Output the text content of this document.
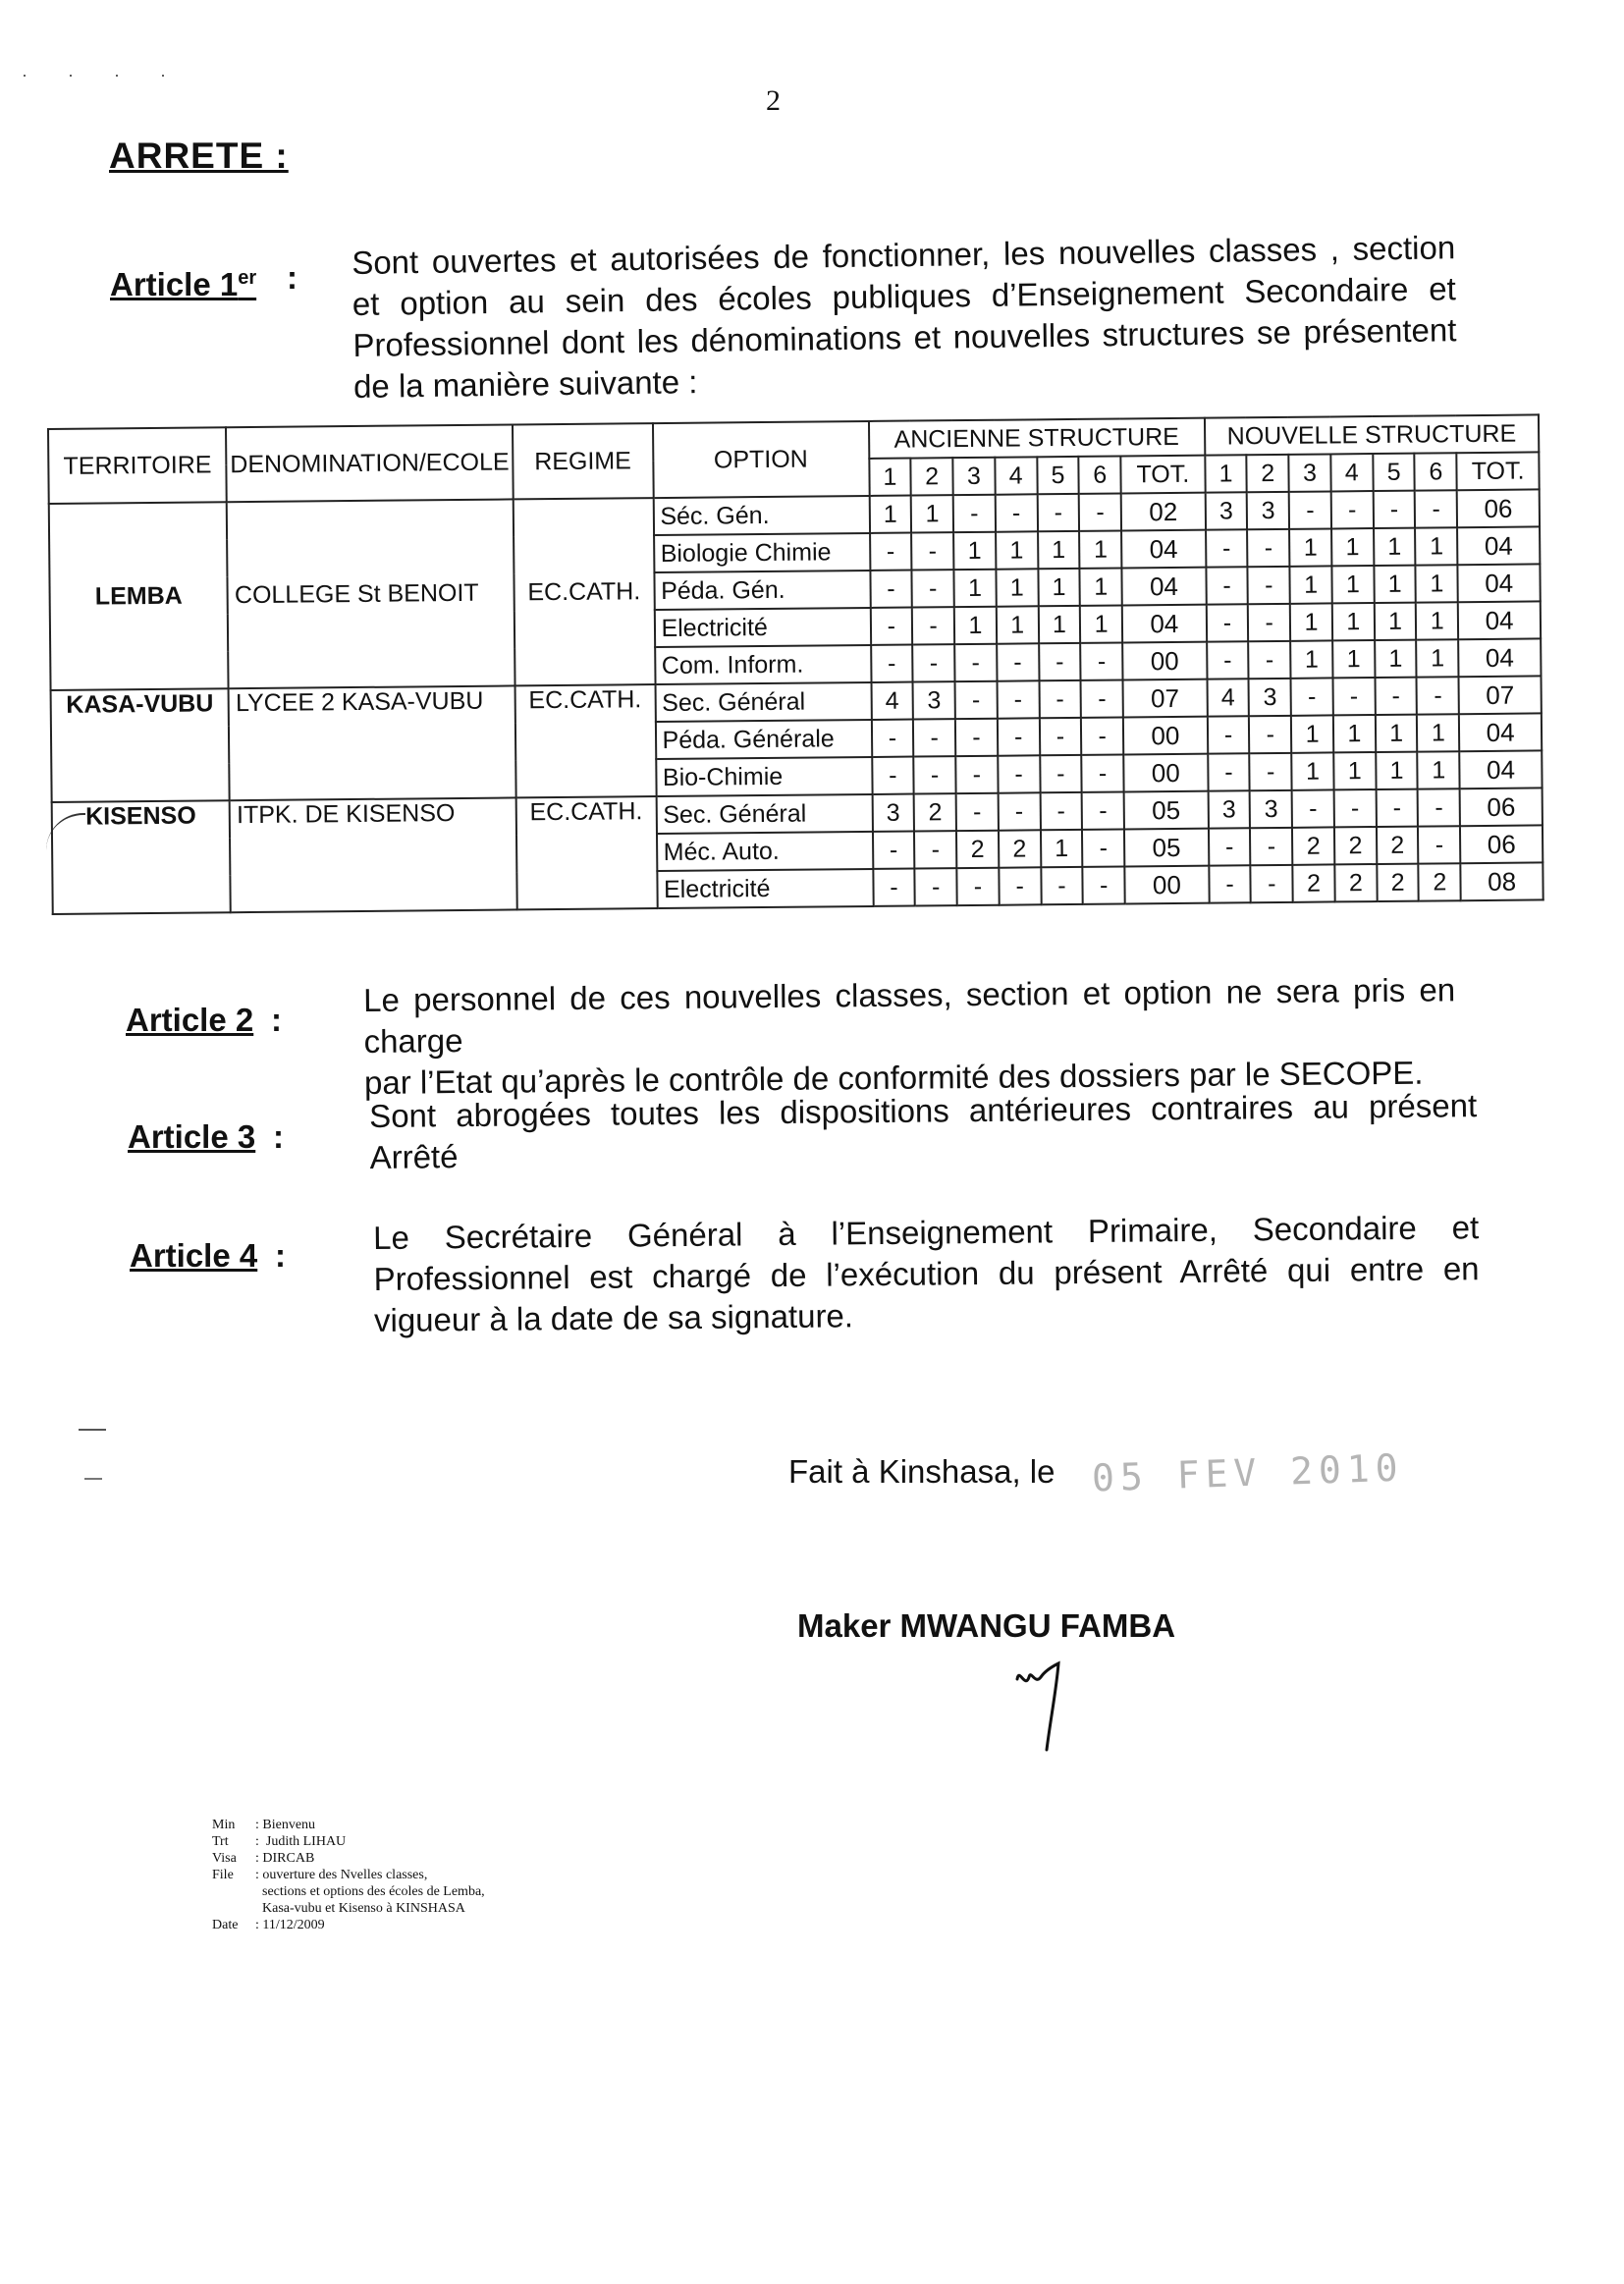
· · · ·
2
ARRETE :
Article 1er : Sont ouvertes et autorisées de fonctionner, les nouvelles classes , section
et option au sein des écoles publiques d’Enseignement Secondaire et
Professionnel dont les dénominations et nouvelles structures se présentent
de la manière suivante :
TERRITOIRE	DENOMINATION/ECOLE	REGIME	OPTION	ANCIENNE STRUCTURE							NOUVELLE STRUCTURE						
				1	2	3	4	5	6	TOT.	1	2	3	4	5	6	TOT.
LEMBA	COLLEGE St BENOIT	EC.CATH.	Séc. Gén.	1	1	-	-	-	-	02	3	3	-	-	-	-	06
			Biologie Chimie	-	-	1	1	1	1	04	-	-	1	1	1	1	04
			Péda. Gén.	-	-	1	1	1	1	04	-	-	1	1	1	1	04
			Electricité	-	-	1	1	1	1	04	-	-	1	1	1	1	04
			Com. Inform.	-	-	-	-	-	-	00	-	-	1	1	1	1	04
KASA-VUBU	LYCEE 2 KASA-VUBU	EC.CATH.	Sec. Général	4	3	-	-	-	-	07	4	3	-	-	-	-	07
			Péda. Générale	-	-	-	-	-	-	00	-	-	1	1	1	1	04
			Bio-Chimie	-	-	-	-	-	-	00	-	-	1	1	1	1	04
KISENSO	ITPK. DE KISENSO	EC.CATH.	Sec. Général	3	2	-	-	-	-	05	3	3	-	-	-	-	06
			Méc. Auto.	-	-	2	2	1	-	05	-	-	2	2	2	-	06
			Electricité	-	-	-	-	-	-	00	-	-	2	2	2	2	08
Article 2 :
Le personnel de ces nouvelles classes, section et option ne sera pris en charge
par l’Etat qu’après le contrôle de conformité des dossiers par le SECOPE.
Article 3 :
Sont abrogées toutes les dispositions antérieures contraires au présent
Arrêté
Article 4 :	Le Secrétaire Général à l’Enseignement Primaire, Secondaire et
Professionnel est chargé de l’exécution du présent Arrêté qui entre en
vigueur à la date de sa signature.
Fait à Kinshasa, le 05 FEV 2010
Maker MWANGU FAMBA
Min	: Bienvenu
Trt	:  Judith LIHAU
Visa	: DIRCAB
File	: ouverture des Nvelles classes,
sections et options des écoles de Lemba,
Kasa-vubu et Kisenso à KINSHASA
Date	: 11/12/2009
